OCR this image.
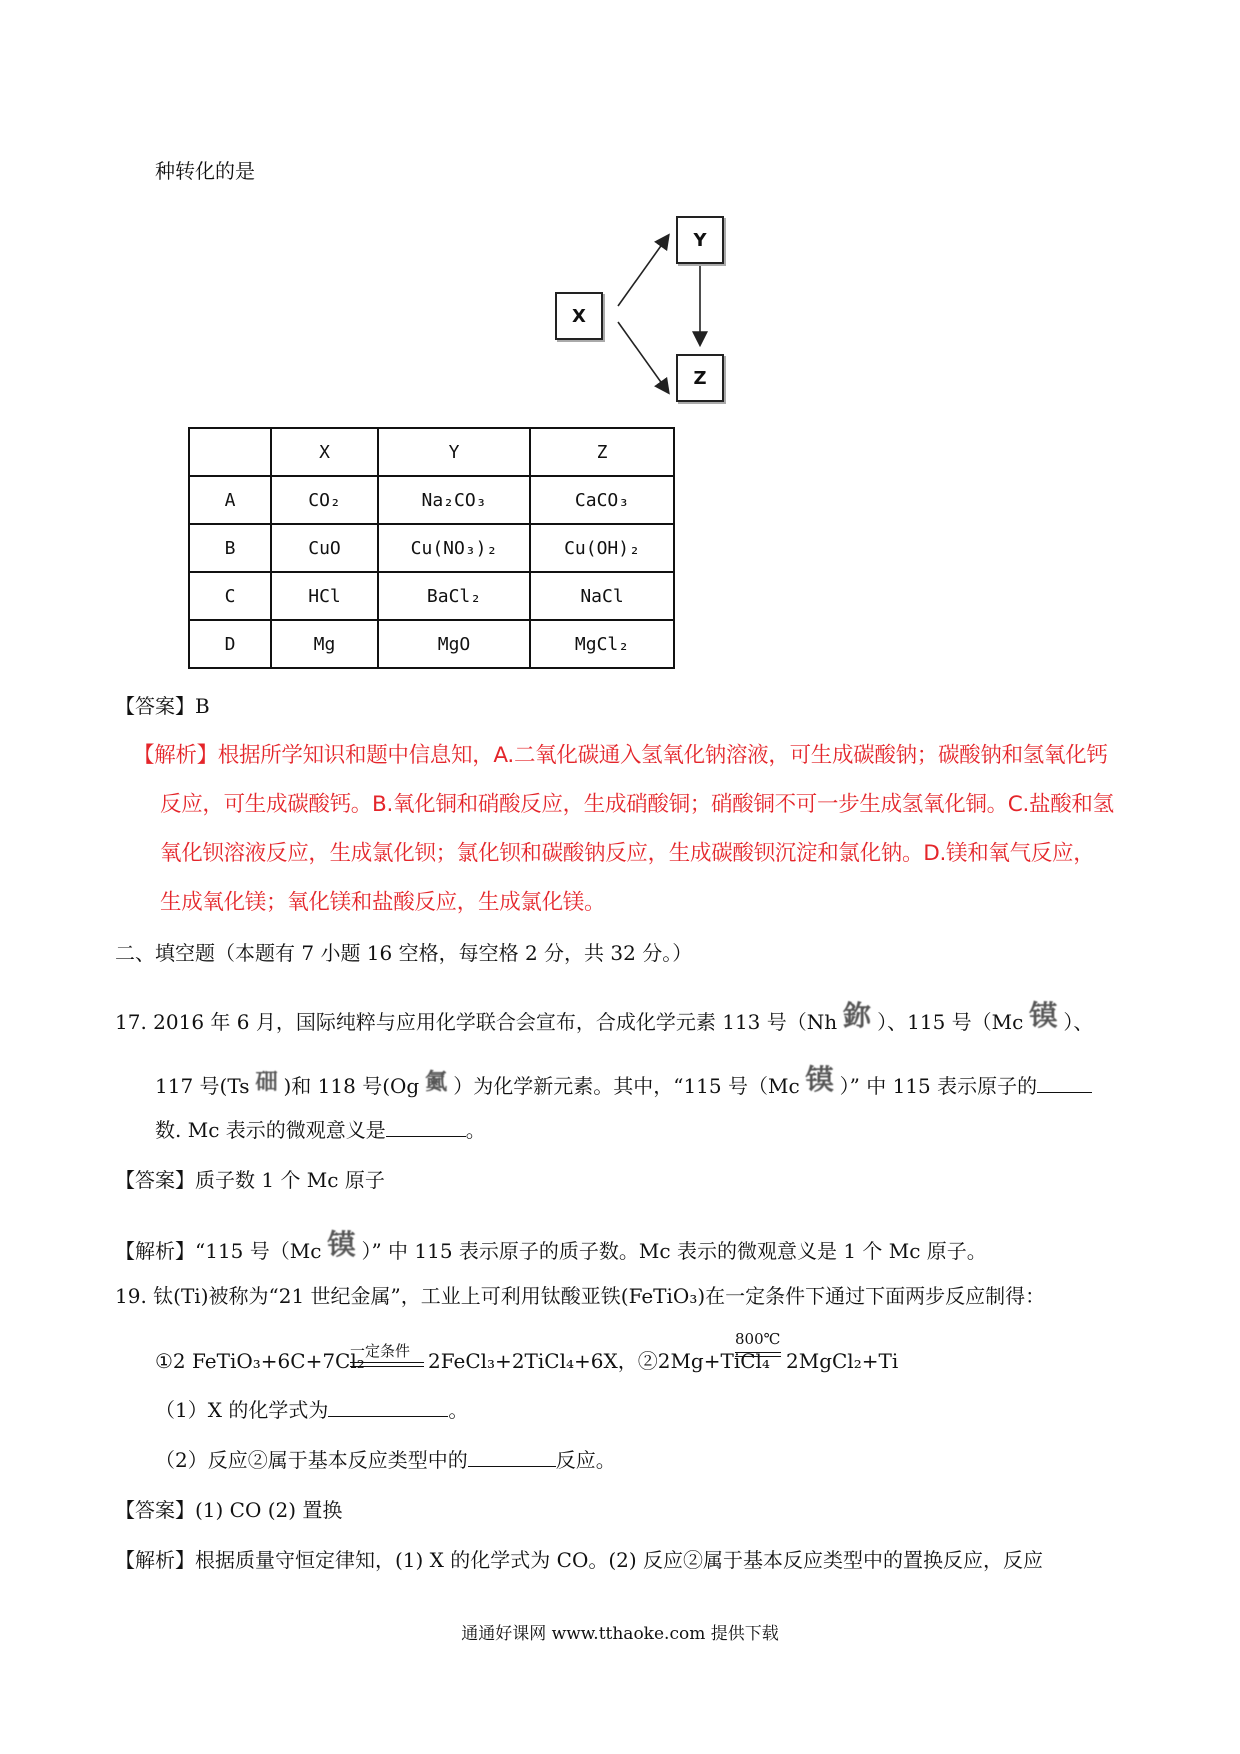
种转化的是
X
Y
Z
	X	Y	Z
A	CO₂	Na₂CO₃	CaCO₃
B	CuO	Cu(NO₃)₂	Cu(OH)₂
C	HCl	BaCl₂	NaCl
D	Mg	MgO	MgCl₂
【答案】B
【解析】根据所学知识和题中信息知，A.二氧化碳通入氢氧化钠溶液，可生成碳酸钠；碳酸钠和氢氧化钙
反应，可生成碳酸钙。B.氧化铜和硝酸反应，生成硝酸铜；硝酸铜不可一步生成氢氧化铜。C.盐酸和氢
氧化钡溶液反应，生成氯化钡；氯化钡和碳酸钠反应，生成碳酸钡沉淀和氯化钠。D.镁和氧气反应，
生成氧化镁；氧化镁和盐酸反应，生成氯化镁。
二、填空题（本题有 7 小题 16 空格，每空格 2 分，共 32 分。）
17. 2016 年 6 月，国际纯粹与应用化学联合会宣布，合成化学元素 113 号（Nh 鉨 ）、115 号（Mc 镆 ）、
117 号(Ts 鿬 )和 118 号(Og 鿫 ）为化学新元素。其中，“115 号（Mc 镆 ）” 中 115 表示原子的
数. Mc 表示的微观意义是	。
【答案】质子数 1 个 Mc 原子
【解析】“115 号（Mc 镆 ）” 中 115 表示原子的质子数。Mc 表示的微观意义是 1 个 Mc 原子。
19. 钛(Ti)被称为“21 世纪金属”，工业上可利用钛酸亚铁(FeTiO₃)在一定条件下通过下面两步反应制得：
①2 FeTiO₃+6C+7Cl₂
一定条件 2FeCl₃+2TiCl₄+6X，②2Mg+TiCl₄
800℃
2MgCl₂+Ti
（1）X 的化学式为	。
（2）反应②属于基本反应类型中的	反应。
【答案】(1) CO (2) 置换
【解析】根据质量守恒定律知，(1) X 的化学式为 CO。(2) 反应②属于基本反应类型中的置换反应，反应
通通好课网 www.tthaoke.com 提供下载
